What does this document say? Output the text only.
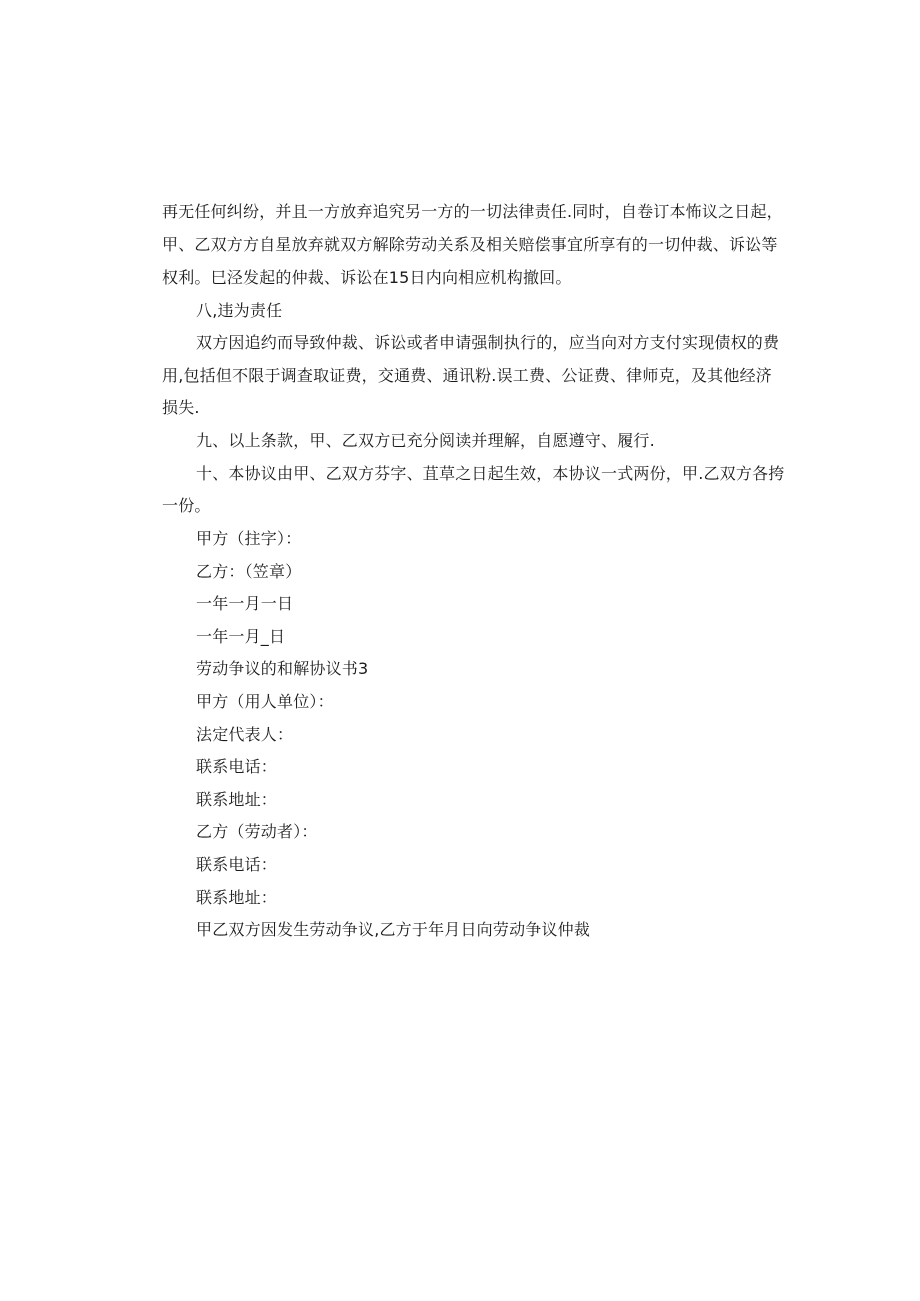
再无任何纠纷，并且一方放弃追究另一方的一切法律责任.同时，自卷订本怖议之日起，
甲、乙双方方自星放弃就双方解除劳动关系及相关赔偿事宜所享有的一切仲裁、诉讼等
权利。巳泾发起的仲裁、诉讼在15日内向相应机构撤回。
八,违为责任
双方因追约而导致仲裁、诉讼或者申请强制执行的，应当向对方支付实现债权的费
用,包括但不限于调查取证费，交通费、通讯粉.误工费、公证费、律师克，及其他经济
损失.
九、以上条款，甲、乙双方已充分阅读并理解，自愿遵守、履行.
十、本协议由甲、乙双方芬字、苴草之日起生效，本协议一式两份，甲.乙双方各挎
一份。
甲方（拄字）：
乙方：（笠章）
一年一月一日
一年一月_日
劳动争议的和解协议书3
甲方（用人单位）：
法定代表人：
联系电话：
联系地址：
乙方（劳动者）：
联系电话：
联系地址：
甲乙双方因发生劳动争议,乙方于年月日向劳动争议仲裁
